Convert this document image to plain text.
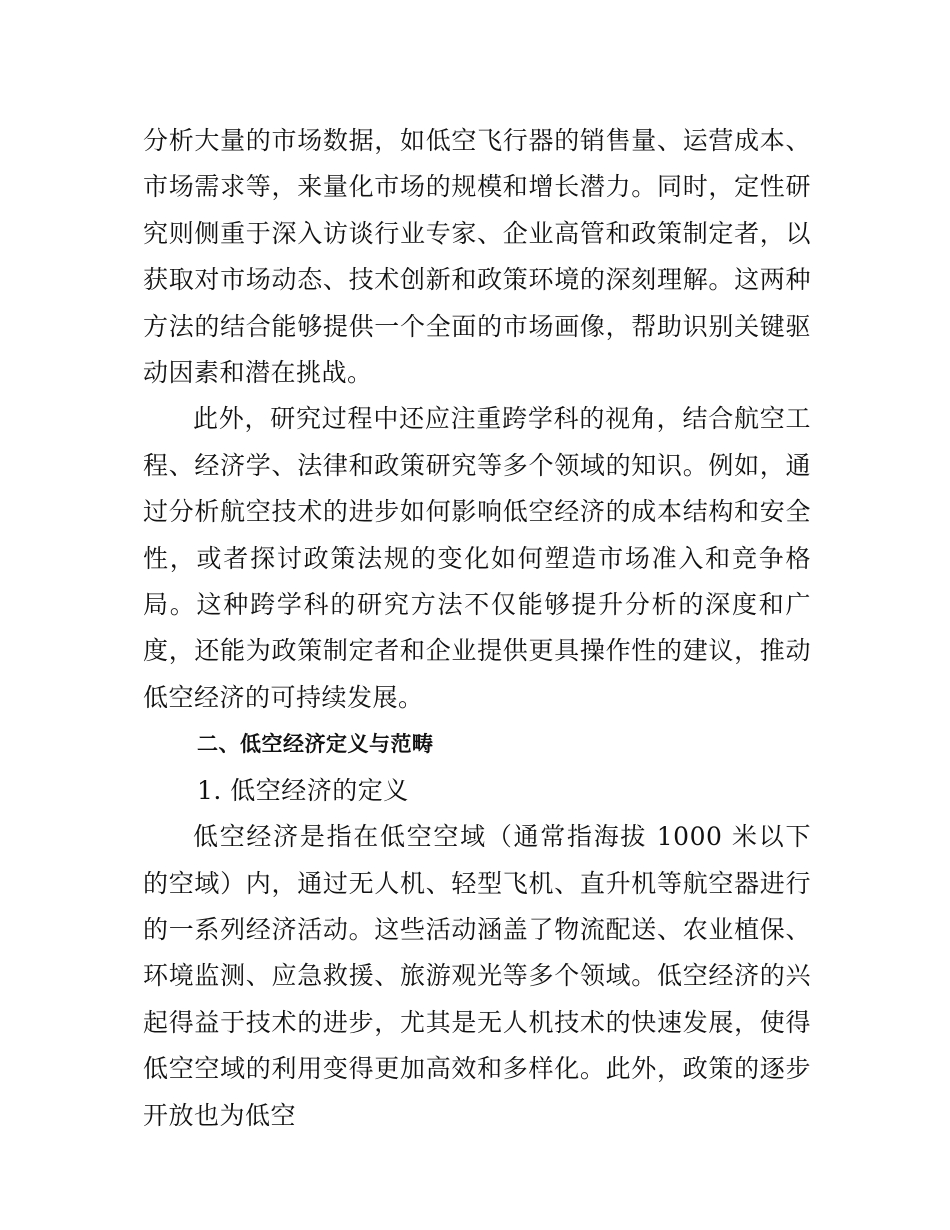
分析大量的市场数据，如低空飞行器的销售量、运营成本、市场需求等，来量化市场的规模和增长潜力。同时，定性研究则侧重于深入访谈行业专家、企业高管和政策制定者，以获取对市场动态、技术创新和政策环境的深刻理解。这两种方法的结合能够提供一个全面的市场画像，帮助识别关键驱动因素和潜在挑战。

此外，研究过程中还应注重跨学科的视角，结合航空工程、经济学、法律和政策研究等多个领域的知识。例如，通过分析航空技术的进步如何影响低空经济的成本结构和安全性，或者探讨政策法规的变化如何塑造市场准入和竞争格局。这种跨学科的研究方法不仅能够提升分析的深度和广度，还能为政策制定者和企业提供更具操作性的建议，推动低空经济的可持续发展。

二、低空经济定义与范畴

1. 低空经济的定义

低空经济是指在低空空域（通常指海拔 1000 米以下的空域）内，通过无人机、轻型飞机、直升机等航空器进行的一系列经济活动。这些活动涵盖了物流配送、农业植保、环境监测、应急救援、旅游观光等多个领域。低空经济的兴起得益于技术的进步，尤其是无人机技术的快速发展，使得低空空域的利用变得更加高效和多样化。此外，政策的逐步开放也为低空
